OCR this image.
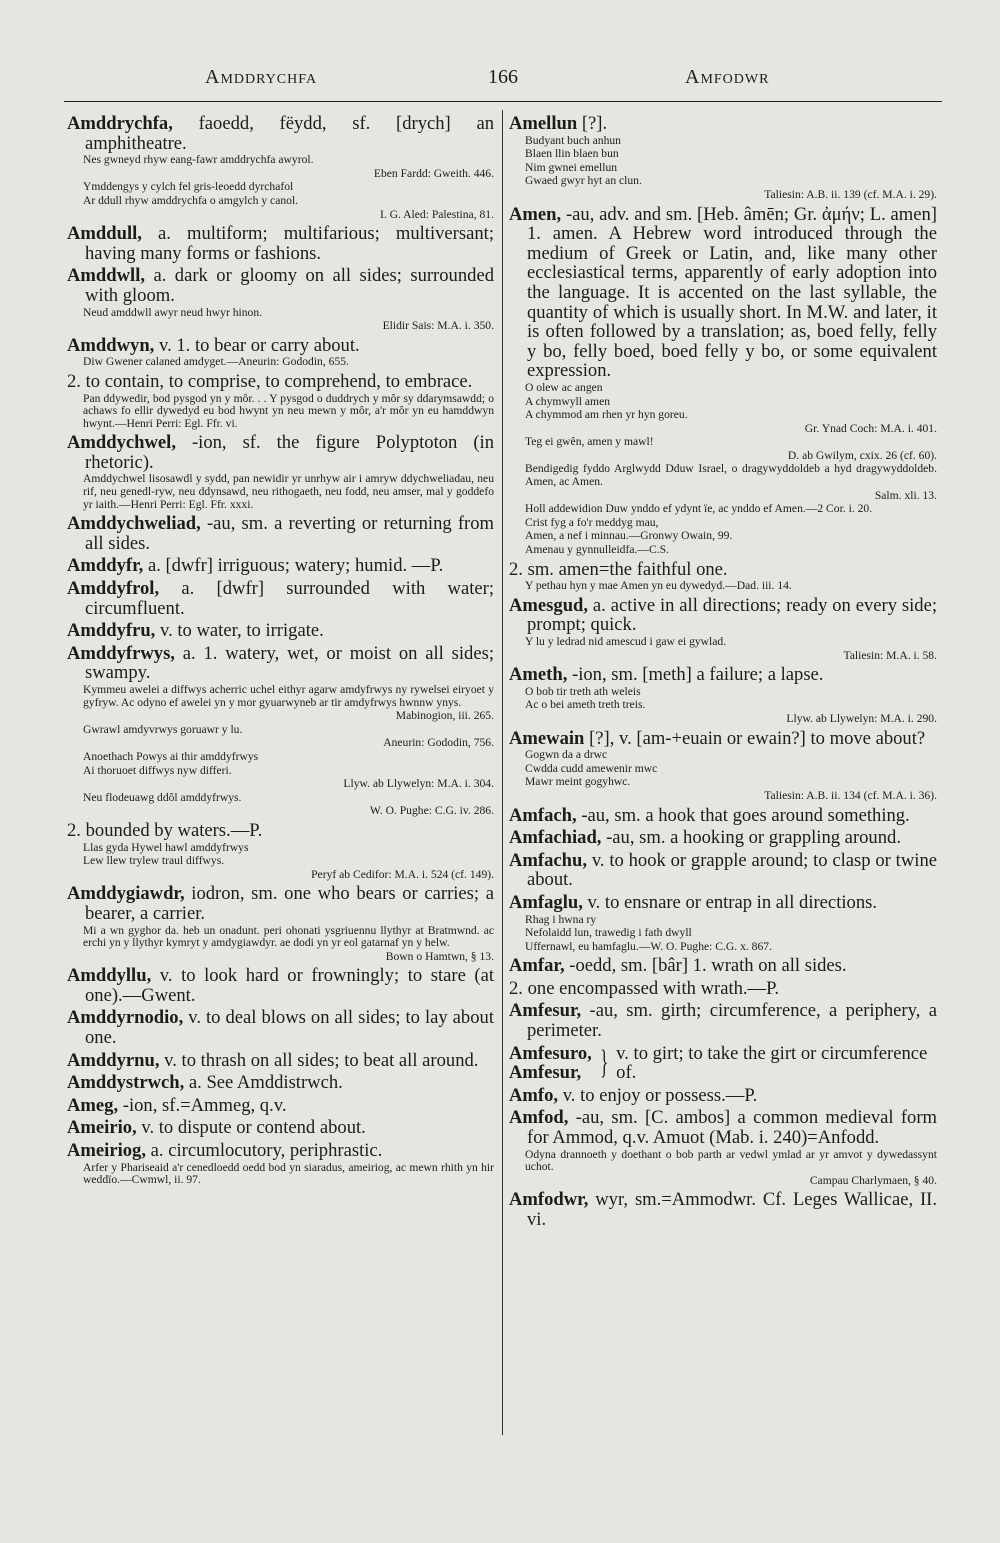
Amddrychfa	166	Amfodwr

Amddrychfa, faoedd, fëydd, sf. [drych] an amphitheatre.

Nes gwneyd rhyw eang-fawr amddrychfa awyrol.
Eben Fardd: Gweith. 446.
Ymddengys y cylch fel gris-leoedd dyrchafol
Ar ddull rhyw amddrychfa o amgylch y canol.
I. G. Aled: Palestina, 81.

Amddull, a. multiform; multifarious; multiversant; having many forms or fashions.

Amddwll, a. dark or gloomy on all sides; surrounded with gloom.

Neud amddwll awyr neud hwyr hinon.
Elidir Sais: M.A. i. 350.

Amddwyn, v. 1. to bear or carry about.

Diw Gwener calaned amdyget.—Aneurin: Gododin, 655.

2. to contain, to comprise, to comprehend, to embrace.

Pan ddywedir, bod pysgod yn y môr. . . Y pysgod o duddrych y môr sy ddarymsawdd; o achaws fo ellir dywedyd eu bod hwynt yn neu mewn y môr, a'r môr yn eu hamddwyn hwynt.—Henri Perri: Egl. Ffr. vi.

Amddychwel, -ion, sf. the figure Polyptoton (in rhetoric).

Amddychwel lisosawdl y sydd, pan newidir yr unrhyw air i amryw ddychweliadau, neu rif, neu genedl-ryw, neu ddynsawd, neu rithogaeth, neu fodd, neu amser, mal y goddefo yr iaith.—Henri Perri: Egl. Ffr. xxxi.

Amddychweliad, -au, sm. a reverting or returning from all sides.

Amddyfr, a. [dwfr] irriguous; watery; humid. —P.

Amddyfrol, a. [dwfr] surrounded with water; circumfluent.

Amddyfru, v. to water, to irrigate.

Amddyfrwys, a. 1. watery, wet, or moist on all sides; swampy.

Kymmeu awelei a diffwys acherric uchel eithyr agarw amdyfrwys ny rywelsei eiryoet y gyfryw. Ac odyno ef awelei yn y mor gyuarwyneb ar tir amdyfrwys hwnnw ynys.
Mabinogion, iii. 265.
Gwrawl amdyvrwys goruawr y lu.
Aneurin: Gododin, 756.
Anoethach Powys ai thir amddyfrwys
Ai thoruoet diffwys nyw differi.
Llyw. ab Llywelyn: M.A. i. 304.
Neu flodeuawg ddôl amddyfrwys.
W. O. Pughe: C.G. iv. 286.

2. bounded by waters.—P.

Llas gyda Hywel hawl amddyfrwys
Lew llew trylew traul diffwys.
Peryf ab Cedifor: M.A. i. 524 (cf. 149).

Amddygiawdr, iodron, sm. one who bears or carries; a bearer, a carrier.

Mi a wn gyghor da. heb un onadunt. peri ohonati ysgriuennu llythyr at Bratmwnd. ac erchi yn y llythyr kymryt y amdygiawdyr. ae dodi yn yr eol gatarnaf yn y helw.
Bown o Hamtwn, § 13.

Amddyllu, v. to look hard or frowningly; to stare (at one).—Gwent.

Amddyrnodio, v. to deal blows on all sides; to lay about one.

Amddyrnu, v. to thrash on all sides; to beat all around.

Amddystrwch, a. See Amddistrwch.

Ameg, -ion, sf.=Ammeg, q.v.

Ameirio, v. to dispute or contend about.

Ameiriog, a. circumlocutory, periphrastic.

Arfer y Phariseaid a'r cenedloedd oedd bod yn siaradus, ameiriog, ac mewn rhith yn hir weddïo.—Cwmwl, ii. 97.

Amellun [?].

Budyant buch anhun
Blaen llin blaen bun
Nim gwnei emellun
Gwaed gwyr hyt an clun.
Taliesin: A.B. ii. 139 (cf. M.A. i. 29).

Amen, -au, adv. and sm. [Heb. âmēn; Gr. ἀμήν; L. amen] 1. amen. A Hebrew word introduced through the medium of Greek or Latin, and, like many other ecclesiastical terms, apparently of early adoption into the language. It is accented on the last syllable, the quantity of which is usually short. In M.W. and later, it is often followed by a translation; as, boed felly, felly y bo, felly boed, boed felly y bo, or some equivalent expression.

O olew ac angen
A chymwyll amen
A chymmod am rhen yr hyn goreu.
Gr. Ynad Coch: M.A. i. 401.
Teg ei gwên, amen y mawl!
D. ab Gwilym, cxix. 26 (cf. 60).
Bendigedig fyddo Arglwydd Dduw Israel, o dragywyddoldeb a hyd dragywyddoldeb. Amen, ac Amen.
Salm. xli. 13.
Holl addewidion Duw ynddo ef ydynt ïe, ac ynddo ef Amen.—2 Cor. i. 20.
Crist fyg a fo'r meddyg mau,
Amen, a nef i minnau.—Gronwy Owain, 99.
Amenau y gynnulleidfa.—C.S.

2. sm. amen=the faithful one.

Y pethau hyn y mae Amen yn eu dywedyd.—Dad. iii. 14.

Amesgud, a. active in all directions; ready on every side; prompt; quick.

Y lu y ledrad nid amescud i gaw ei gywlad.
Taliesin: M.A. i. 58.

Ameth, -ion, sm. [meth] a failure; a lapse.

O bob tir treth ath weleis
Ac o bei ameth treth treis.
Llyw. ab Llywelyn: M.A. i. 290.

Amewain [?], v. [am-+euain or ewain?] to move about?

Gogwn da a drwc
Cwdda cudd amewenir mwc
Mawr meint gogyhwc.
Taliesin: A.B. ii. 134 (cf. M.A. i. 36).

Amfach, -au, sm. a hook that goes around something.

Amfachiad, -au, sm. a hooking or grappling around.

Amfachu, v. to hook or grapple around; to clasp or twine about.

Amfaglu, v. to ensnare or entrap in all directions.

Rhag i hwna ry
Nefolaidd lun, trawedig i fath dwyll
Uffernawl, eu hamfaglu.—W. O. Pughe: C.G. x. 867.

Amfar, -oedd, sm. [bâr] 1. wrath on all sides.

2. one encompassed with wrath.—P.

Amfesur, -au, sm. girth; circumference, a periphery, a perimeter.

Amfesuro,
Amfesur, } v. to girt; to take the girt or circumference of.

Amfo, v. to enjoy or possess.—P.

Amfod, -au, sm. [C. ambos] a common medieval form for Ammod, q.v. Amuot (Mab. i. 240)=Anfodd.

Odyna drannoeth y doethant o bob parth ar vedwl ymlad ar yr amvot y dywedassynt uchot.
Campau Charlymaen, § 40.

Amfodwr, wyr, sm.=Ammodwr. Cf. Leges Wallicae, II. vi.
